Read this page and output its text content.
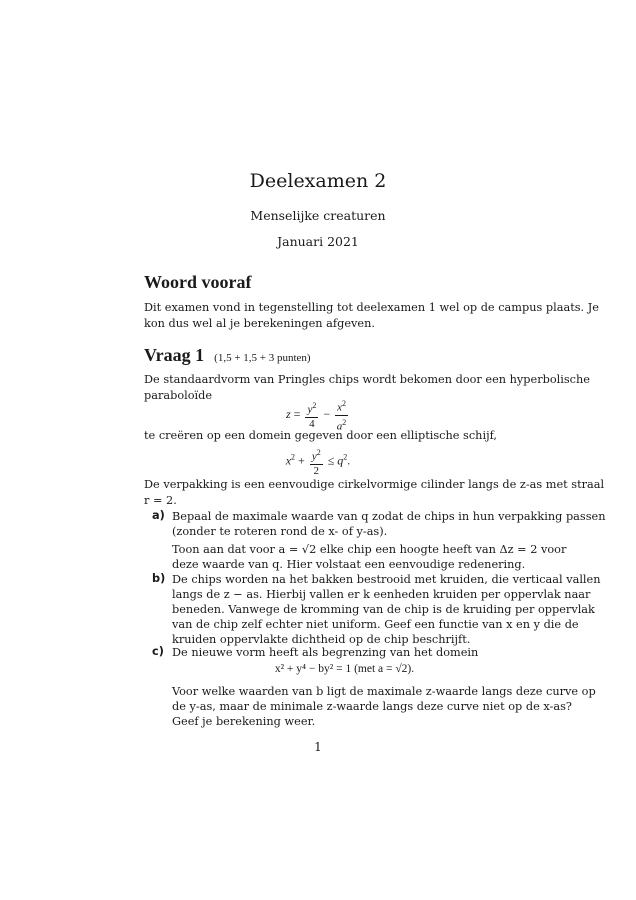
Deelexamen 2
Menselijke creaturen
Januari 2021
Woord vooraf
Dit examen vond in tegenstelling tot deelexamen 1 wel op de campus plaats. Je
kon dus wel al je berekeningen afgeven.
Vraag 1 (1,5 + 1,5 + 3 punten)
De standaardvorm van Pringles chips wordt bekomen door een hyperbolische
paraboloïde
$z = \frac{y^2}{4} - \frac{x^2}{a^2}$
te creëren op een domein gegeven door een elliptische schijf,
$x^2 + \frac{y^2}{2} \le q^2$.
De verpakking is een eenvoudige cirkelvormige cilinder langs de z-as met straal
r = 2.
a) Bepaal de maximale waarde van q zodat de chips in hun verpakking passen
(zonder te roteren rond de x- of y-as).
Toon aan dat voor a = √2 elke chip een hoogte heeft van Δz = 2 voor
deze waarde van q. Hier volstaat een eenvoudige redenering.
b) De chips worden na het bakken bestrooid met kruiden, die verticaal vallen
langs de z − as. Hierbij vallen er k eenheden kruiden per oppervlak naar
beneden. Vanwege de kromming van de chip is de kruiding per oppervlak
van de chip zelf echter niet uniform. Geef een functie van x en y die de
kruiden oppervlakte dichtheid op de chip beschrijft.
c) De nieuwe vorm heeft als begrenzing van het domein
x² + y⁴ − by² = 1 (met a = √2).
Voor welke waarden van b ligt de maximale z-waarde langs deze curve op
de y-as, maar de minimale z-waarde langs deze curve niet op de x-as?
Geef je berekening weer.
1
